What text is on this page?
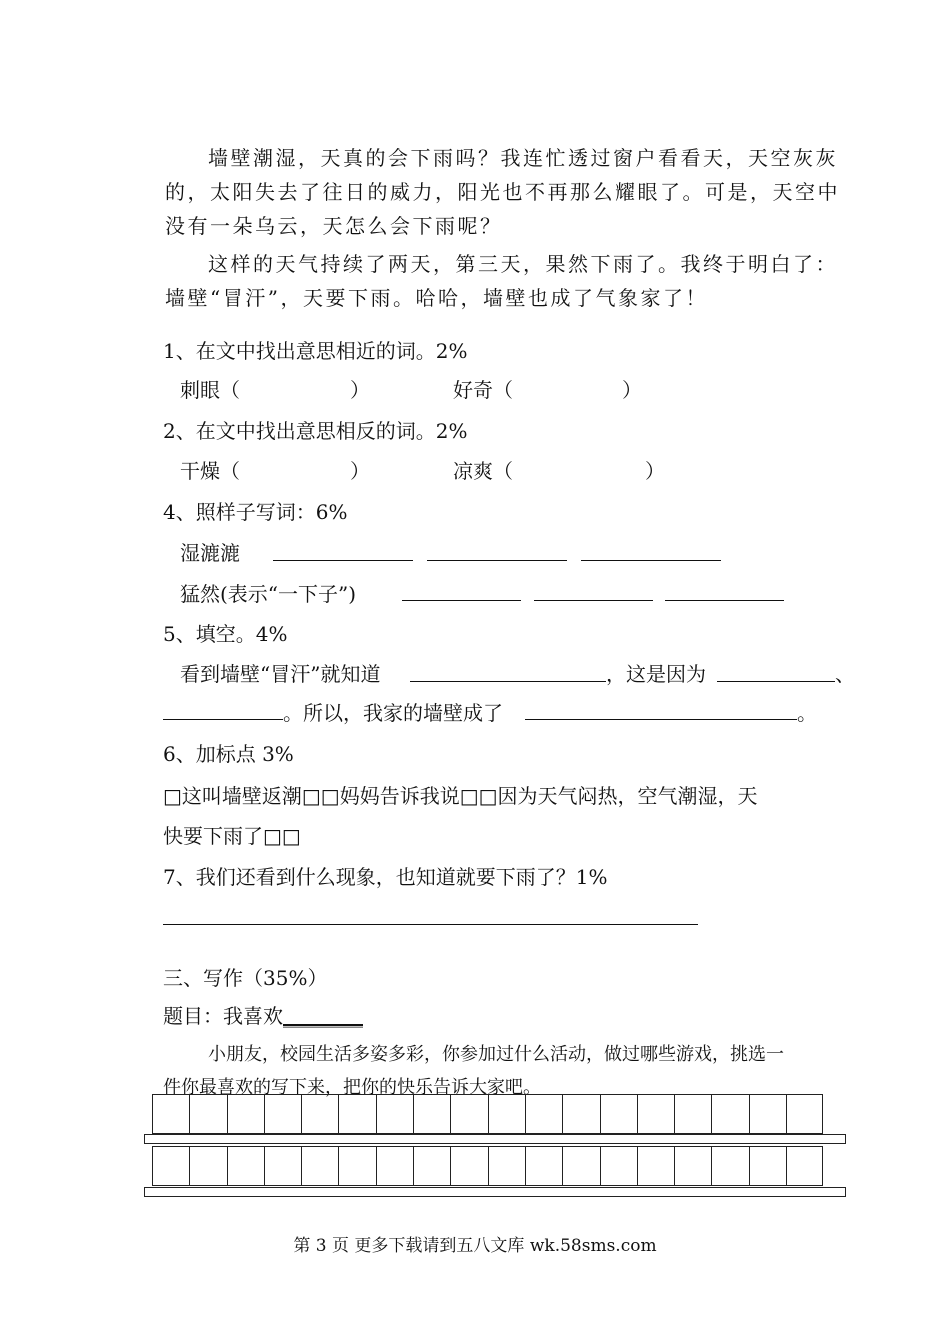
墙壁潮湿，天真的会下雨吗？我连忙透过窗户看看天，天空灰灰
的，太阳失去了往日的威力，阳光也不再那么耀眼了。可是，天空中
没有一朵乌云，天怎么会下雨呢？
这样的天气持续了两天，第三天，果然下雨了。我终于明白了：
墙壁“冒汗”，天要下雨。哈哈，墙壁也成了气象家了！
1、在文中找出意思相近的词。2%
刺眼（	）	好奇（	）
2、在文中找出意思相反的词。2%
干燥（	）	凉爽（	）
4、照样子写词：6%
湿漉漉
猛然(表示“一下子”)
5、填空。4%
看到墙壁“冒汗”就知道	，这是因为	、
。所以，我家的墙壁成了	。
6、加标点 3%
□这叫墙壁返潮□□妈妈告诉我说□□因为天气闷热，空气潮湿，天
快要下雨了□□
7、我们还看到什么现象，也知道就要下雨了？1%
三、写作（35%）
题目：我喜欢________
小朋友，校园生活多姿多彩，你参加过什么活动，做过哪些游戏，挑选一
件你最喜欢的写下来，把你的快乐告诉大家吧。
第 3 页 更多下载请到五八文库 wk.58sms.com
